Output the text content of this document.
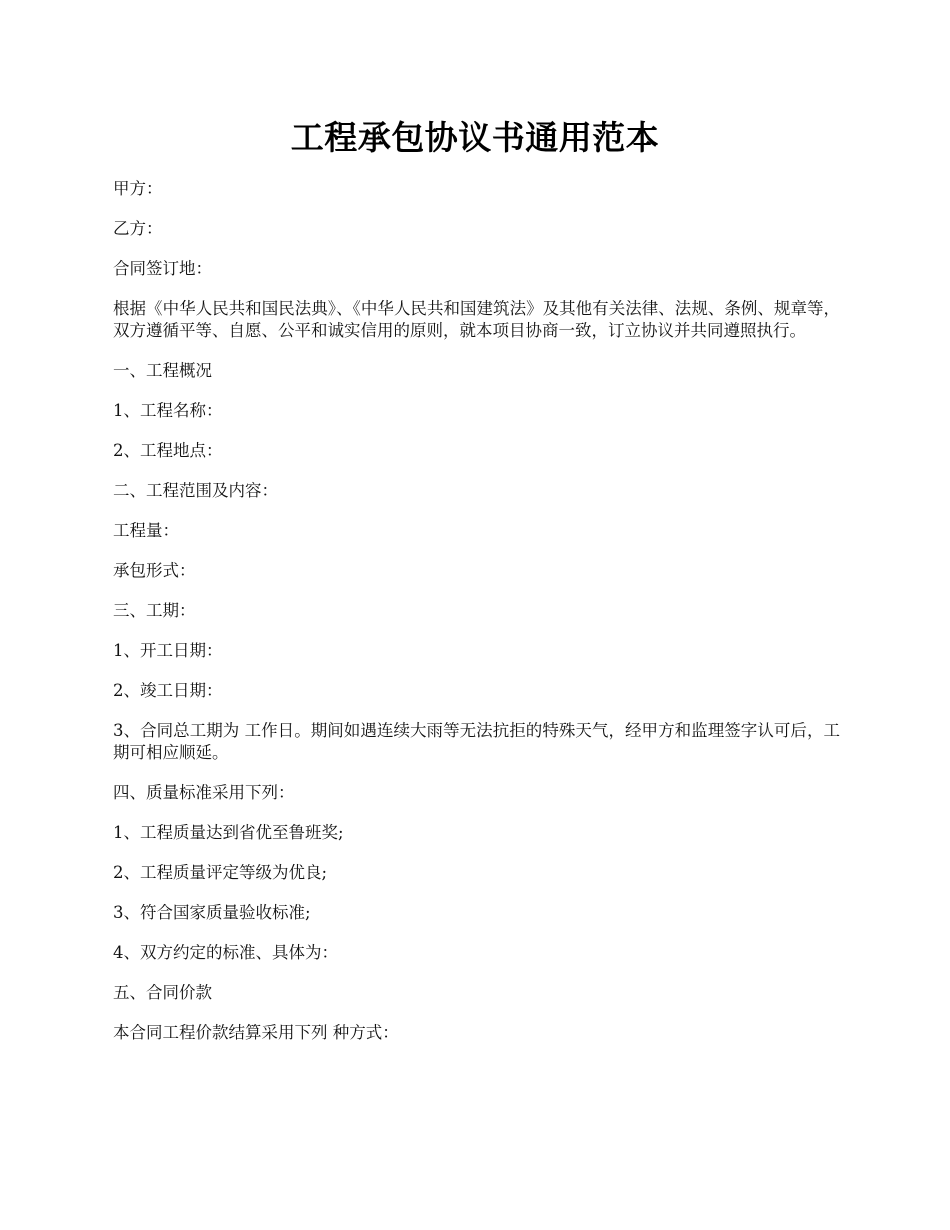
工程承包协议书通用范本

甲方：

乙方：

合同签订地：

根据《中华人民共和国民法典》、《中华人民共和国建筑法》及其他有关法律、法规、条例、规章等，双方遵循平等、自愿、公平和诚实信用的原则，就本项目协商一致，订立协议并共同遵照执行。

一、工程概况

1、工程名称：

2、工程地点：

二、工程范围及内容：

工程量：

承包形式：

三、工期：

1、开工日期：

2、竣工日期：

3、合同总工期为 工作日。期间如遇连续大雨等无法抗拒的特殊天气，经甲方和监理签字认可后，工期可相应顺延。

四、质量标准采用下列：

1、工程质量达到省优至鲁班奖;

2、工程质量评定等级为优良;

3、符合国家质量验收标准;

4、双方约定的标准、具体为：

五、合同价款

本合同工程价款结算采用下列 种方式：
